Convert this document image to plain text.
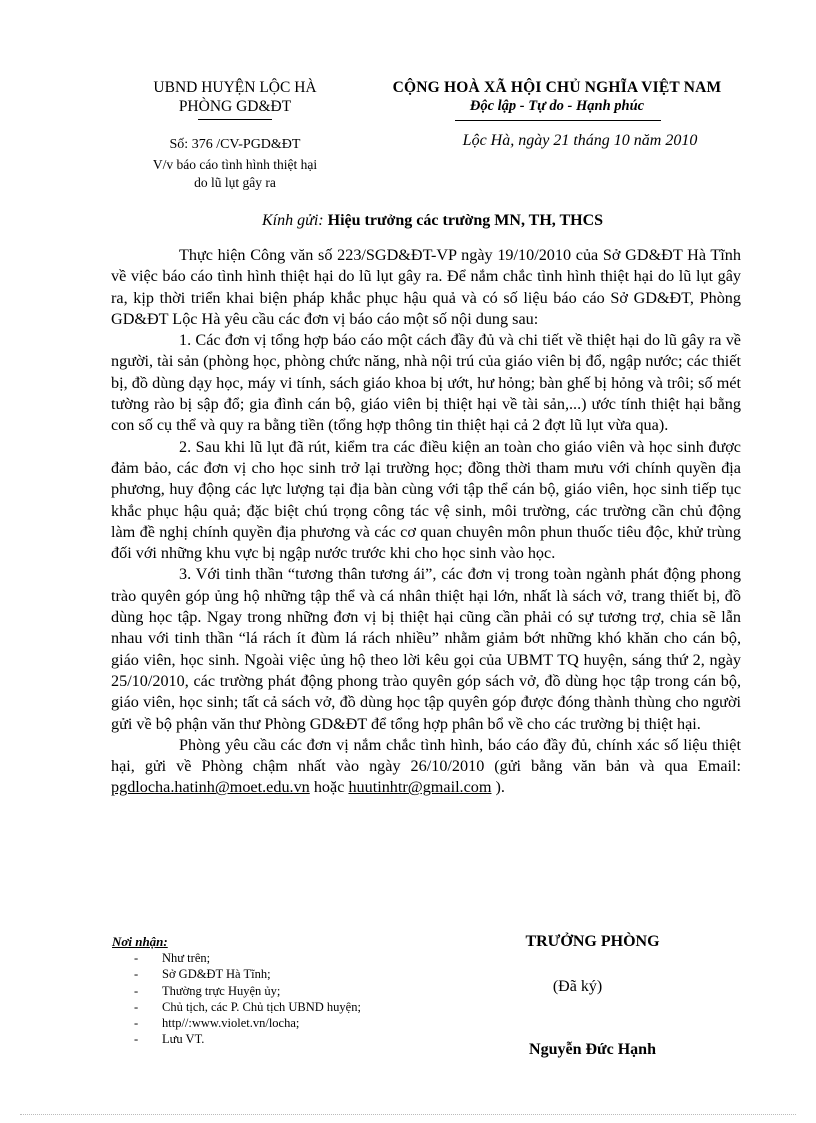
UBND HUYỆN LỘC HÀ
PHÒNG GD&ĐT
CỘNG HOÀ XÃ HỘI CHỦ NGHĨA VIỆT NAM
Độc lập - Tự do - Hạnh phúc
Số: 376 /CV-PGD&ĐT
V/v báo cáo tình hình thiệt hại
do lũ lụt gây ra
Lộc Hà, ngày 21 tháng 10 năm 2010
Kính gửi: Hiệu trưởng các trường MN, TH, THCS

Thực hiện Công văn số 223/SGD&ĐT-VP ngày 19/10/2010 của Sở GD&ĐT Hà Tĩnh về việc báo cáo tình hình thiệt hại do lũ lụt gây ra. Để nắm chắc tình hình thiệt hại do lũ lụt gây ra, kịp thời triển khai biện pháp khắc phục hậu quả và có số liệu báo cáo Sở GD&ĐT, Phòng GD&ĐT Lộc Hà yêu cầu các đơn vị báo cáo một số nội dung sau:

1. Các đơn vị tổng hợp báo cáo một cách đầy đủ và chi tiết về thiệt hại do lũ gây ra về người, tài sản (phòng học, phòng chức năng, nhà nội trú của giáo viên bị đổ, ngập nước; các thiết bị, đồ dùng dạy học, máy vi tính, sách giáo khoa bị ướt, hư hỏng; bàn ghế bị hỏng và trôi; số mét tường rào bị sập đổ; gia đình cán bộ, giáo viên bị thiệt hại về tài sản,...) ước tính thiệt hại bằng con số cụ thể và quy ra bằng tiền (tổng hợp thông tin thiệt hại cả 2 đợt lũ lụt vừa qua).

2. Sau khi lũ lụt đã rút, kiểm tra các điều kiện an toàn cho giáo viên và học sinh được đảm bảo, các đơn vị cho học sinh trở lại trường học; đồng thời tham mưu với chính quyền địa phương, huy động các lực lượng tại địa bàn cùng với tập thể cán bộ, giáo viên, học sinh tiếp tục khắc phục hậu quả; đặc biệt chú trọng công tác vệ sinh, môi trường, các trường cần chủ động làm đề nghị chính quyền địa phương và các cơ quan chuyên môn phun thuốc tiêu độc, khử trùng đối với những khu vực bị ngập nước trước khi cho học sinh vào học.

3. Với tinh thần “tương thân tương ái”, các đơn vị trong toàn ngành phát động phong trào quyên góp ủng hộ những tập thể và cá nhân thiệt hại lớn, nhất là sách vở, trang thiết bị, đồ dùng học tập. Ngay trong những đơn vị bị thiệt hại cũng cần phải có sự tương trợ, chia sẽ lẫn nhau với tinh thần “lá rách ít đùm lá rách nhiều” nhằm giảm bớt những khó khăn cho cán bộ, giáo viên, học sinh. Ngoài việc ủng hộ theo lời kêu gọi của UBMT TQ huyện, sáng thứ 2, ngày 25/10/2010, các trường phát động phong trào quyên góp sách vở, đồ dùng học tập trong cán bộ, giáo viên, học sinh; tất cả sách vở, đồ dùng học tập quyên góp được đóng thành thùng cho người gửi về bộ phận văn thư Phòng GD&ĐT để tổng hợp phân bổ về cho các trường bị thiệt hại.

Phòng yêu cầu các đơn vị nắm chắc tình hình, báo cáo đầy đủ, chính xác số liệu thiệt hại, gửi về Phòng chậm nhất vào ngày 26/10/2010 (gửi bằng văn bản và qua Email: pgdlocha.hatinh@moet.edu.vn hoặc huutinhtr@gmail.com ).

Nơi nhận:
- Như trên;
- Sở GD&ĐT Hà Tĩnh;
- Thường trực Huyện ủy;
- Chủ tịch, các P. Chủ tịch UBND huyện;
- http//:www.violet.vn/locha;
- Lưu VT.
TRƯỞNG PHÒNG
(Đã ký)
Nguyễn Đức Hạnh
